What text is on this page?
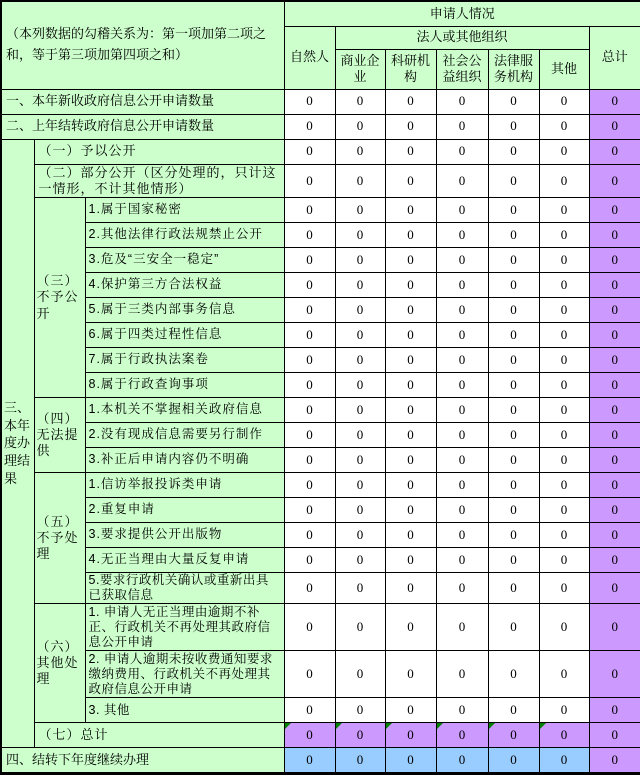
（本列数据的勾稽关系为：第一项加第二项之和，等于第三项加第四项之和）			申请人情况						
			自然人	法人或其他组织					总计
				商业企业	科研机构	社会公益组织	法律服务机构	其他	
一、本年新收政府信息公开申请数量			0	0	0	0	0	0	0
二、上年结转政府信息公开申请数量			0	0	0	0	0	0	0
三、本年度办理结果	（一）予以公开		0	0	0	0	0	0	0
	（二）部分公开（区分处理的，只计这一情形，不计其他情形）		0	0	0	0	0	0	0
	（三）不予公开	1.属于国家秘密	0	0	0	0	0	0	0
		2.其他法律行政法规禁止公开	0	0	0	0	0	0	0
		3.危及“三安全一稳定”	0	0	0	0	0	0	0
		4.保护第三方合法权益	0	0	0	0	0	0	0
		5.属于三类内部事务信息	0	0	0	0	0	0	0
		6.属于四类过程性信息	0	0	0	0	0	0	0
		7.属于行政执法案卷	0	0	0	0	0	0	0
		8.属于行政查询事项	0	0	0	0	0	0	0
	（四）无法提供	1.本机关不掌握相关政府信息	0	0	0	0	0	0	0
		2.没有现成信息需要另行制作	0	0	0	0	0	0	0
		3.补正后申请内容仍不明确	0	0	0	0	0	0	0
	（五）不予处理	1.信访举报投诉类申请	0	0	0	0	0	0	0
		2.重复申请	0	0	0	0	0	0	0
		3.要求提供公开出版物	0	0	0	0	0	0	0
		4.无正当理由大量反复申请	0	0	0	0	0	0	0
		5.要求行政机关确认或重新出具已获取信息	0	0	0	0	0	0	0
	（六）其他处理	1. 申请人无正当理由逾期不补正、行政机关不再处理其政府信息公开申请	0	0	0	0	0	0	0
		2. 申请人逾期未按收费通知要求缴纳费用、行政机关不再处理其政府信息公开申请	0	0	0	0	0	0	0
		3. 其他	0	0	0	0	0	0	0
	（七）总计		0	0	0	0	0	0	0
四、结转下年度继续办理			0	0	0	0	0	0	0
